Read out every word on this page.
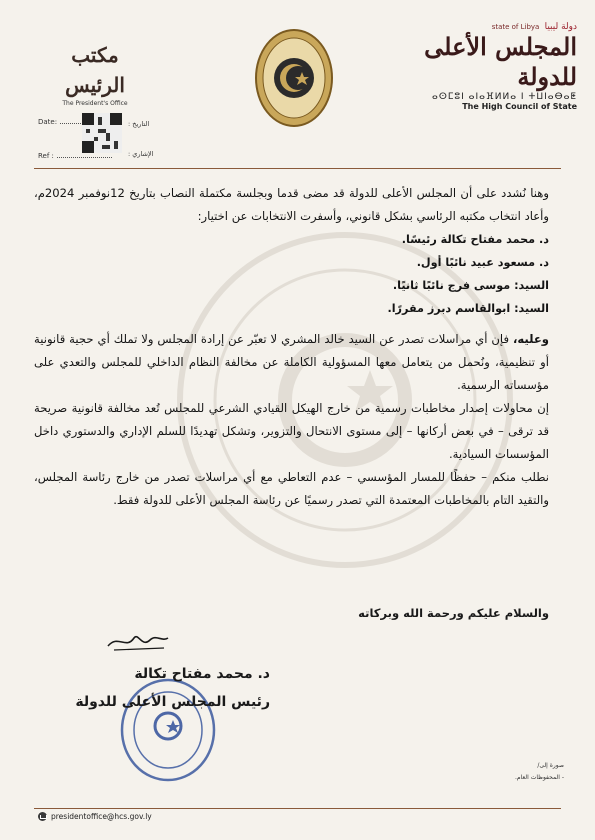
state of Libya دولة ليبيا
المجلس الأعلى للدولة
ⴰⵙⵎⵓⵏ ⴰⵏⴰⴼⵍⵍⴰ ⵏ ⵜⵡⵏⴰⴱⴰⵟ
The High Council of State
مكتب الرئيس
The President's Office
Date:
Ref :
التاريخ :
الإشاري :

وهنا نُشدد على أن المجلس الأعلى للدولة قد مضى قدما وبجلسة مكتملة النصاب بتاريخ 12نوفمبر 2024م، وأعاد انتخاب مكتبه الرئاسي بشكل قانوني، وأسفرت الانتخابات عن اختيار:

د. محمد مفتاح تكالة رئيسًا.
د. مسعود عبيد نائبًا أول.
السيد: موسى فرج نائبًا ثانيًا.
السيد: ابوالقاسم دبرز مقررًا.

وعليه، فإن أي مراسلات تصدر عن السيد خالد المشري لا تعبّر عن إرادة المجلس ولا تملك أي حجية قانونية أو تنظيمية، ونُحمل من يتعامل معها المسؤولية الكاملة عن مخالفة النظام الداخلي للمجلس والتعدي على مؤسساته الرسمية.

إن محاولات إصدار مخاطبات رسمية من خارج الهيكل القيادي الشرعي للمجلس تُعد مخالفة قانونية صريحة قد ترقى – في بعض أركانها – إلى مستوى الانتحال والتزوير، وتشكل تهديدًا للسلم الإداري والدستوري داخل المؤسسات السيادية.

نطلب منكم – حفظًا للمسار المؤسسي – عدم التعاطي مع أي مراسلات تصدر من خارج رئاسة المجلس، والتقيد التام بالمخاطبات المعتمدة التي تصدر رسميًا عن رئاسة المجلس الأعلى للدولة فقط.

والسلام عليكم ورحمة الله وبركاته
د. محمد مفتاح تكالة
رئيس المجلس الأعلى للدولة
صورة إلى/
- المحفوظات العام.
presidentoffice@hcs.gov.ly
